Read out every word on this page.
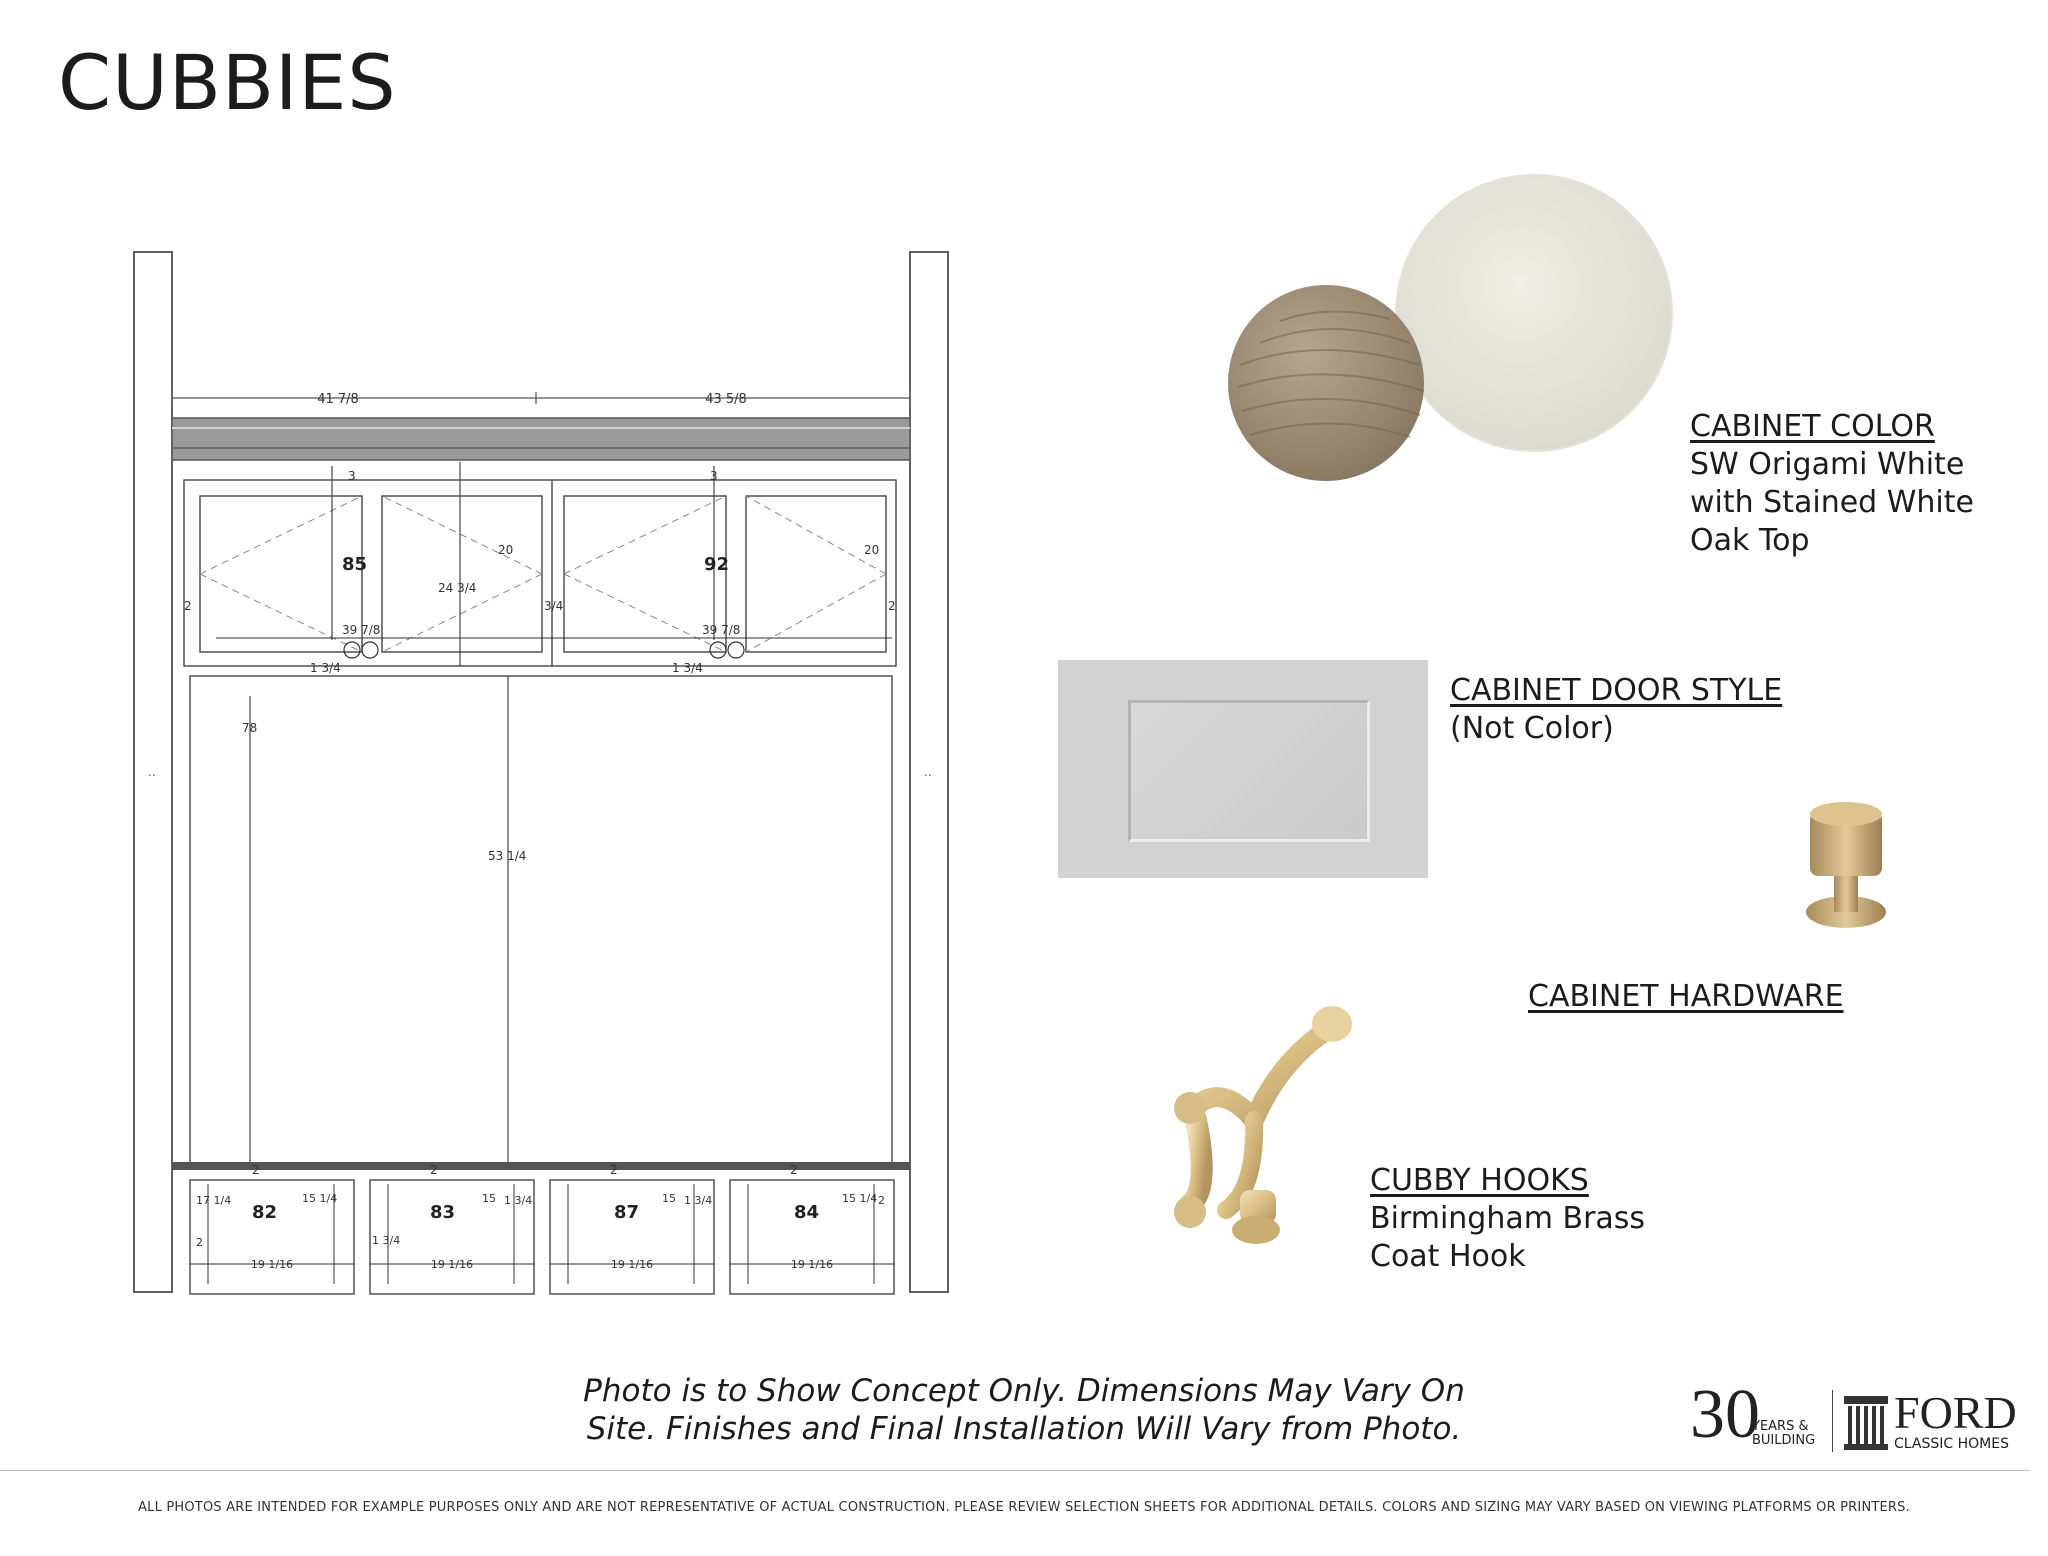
CUBBIES
41 7/8	43 5/8
3	3
85	92
24 3/4
20	20
2	3/4	2
39 7/8	39 7/8
1 3/4	1 3/4
78
53 1/4
..	..
2	2	2	2
82	83	87	84
17 1/4
2
15 1/4	15 1 3/4
1 3/4
15 1 3/4	15 1/4 2
19 1/16	19 1/16	19 1/16	19 1/16
CABINET COLOR
SW Origami White
with Stained White
Oak Top
CABINET DOOR STYLE
(Not Color)
CABINET HARDWARE
CUBBY HOOKS
Birmingham Brass
Coat Hook
Photo is to Show Concept Only. Dimensions May Vary On
Site. Finishes and Final Installation Will Vary from Photo.	30
YEARS &
BUILDING
FORD
CLASSIC HOMES
ALL PHOTOS ARE INTENDED FOR EXAMPLE PURPOSES ONLY AND ARE NOT REPRESENTATIVE OF ACTUAL CONSTRUCTION. PLEASE REVIEW SELECTION SHEETS FOR ADDITIONAL DETAILS. COLORS AND SIZING MAY VARY BASED ON VIEWING PLATFORMS OR PRINTERS.
